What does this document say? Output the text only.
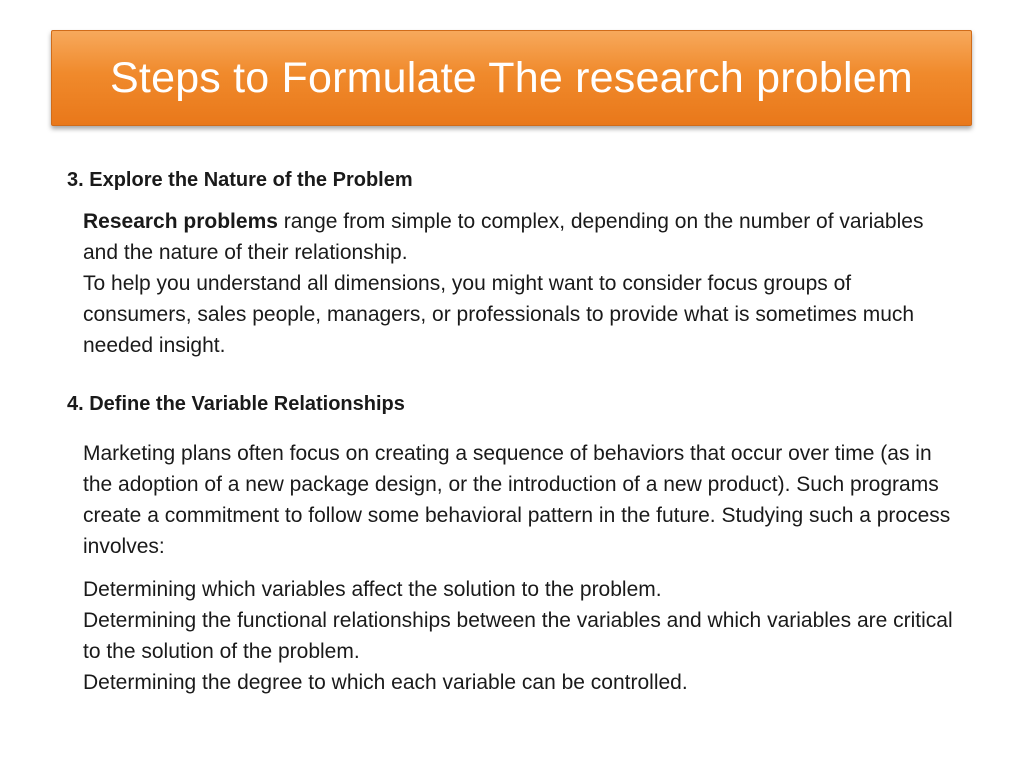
Steps to Formulate The research problem
3. Explore the Nature of the Problem

Research problems range from simple to complex, depending on the number of variables and the nature of their relationship.

To help you understand all dimensions, you might want to consider focus groups of consumers, sales people, managers, or professionals to provide what is sometimes much needed insight.

4. Define the Variable Relationships

Marketing plans often focus on creating a sequence of behaviors that occur over time (as in the adoption of a new package design, or the introduction of a new product). Such programs create a commitment to follow some behavioral pattern in the future. Studying such a process involves:

Determining which variables affect the solution to the problem.

Determining the functional relationships between the variables and which variables are critical to the solution of the problem.

Determining the degree to which each variable can be controlled.
